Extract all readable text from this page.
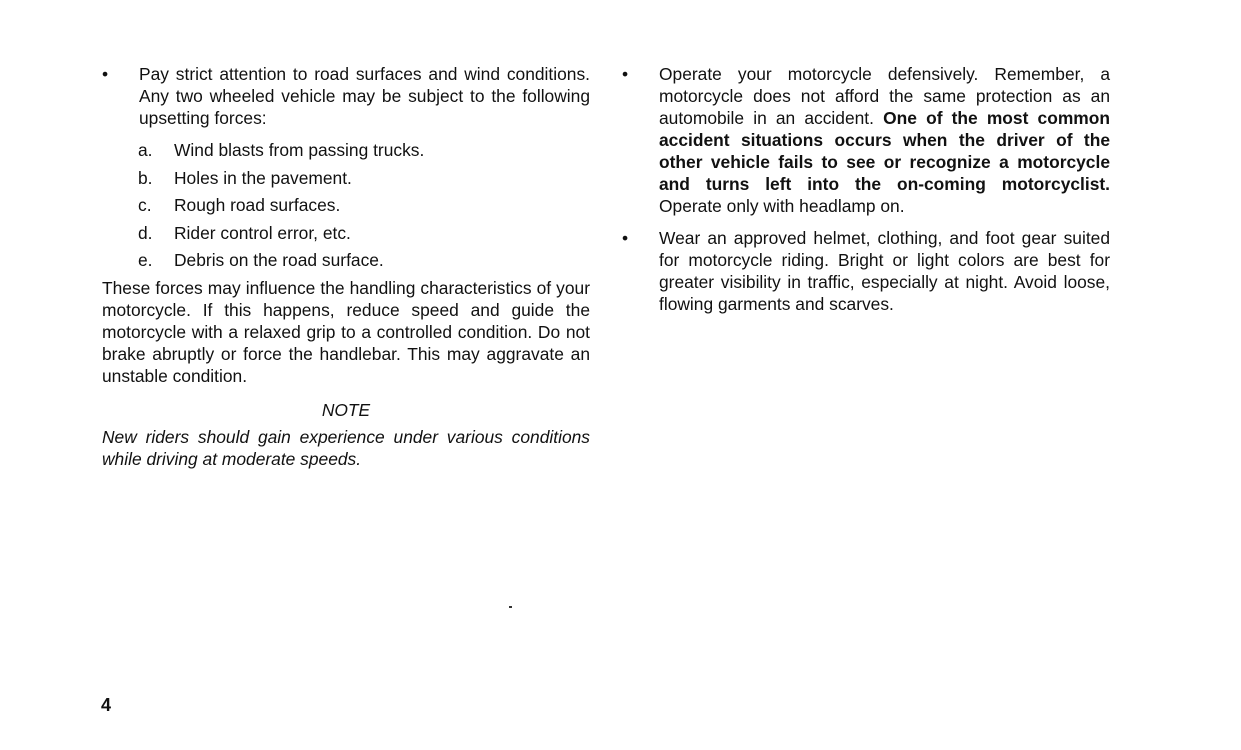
• Pay strict attention to road surfaces and wind conditions. Any two wheeled vehicle may be subject to the following upsetting forces:
a. Wind blasts from passing trucks.
b. Holes in the pavement.
c. Rough road surfaces.
d. Rider control error, etc.
e. Debris on the road surface.
These forces may influence the handling characteristics of your motorcycle. If this happens, reduce speed and guide the motorcycle with a relaxed grip to a controlled condition. Do not brake abruptly or force the handlebar. This may aggravate an unstable condition.
NOTE
New riders should gain experience under various conditions while driving at moderate speeds.
• Operate your motorcycle defensively. Remember, a motorcycle does not afford the same protection as an automobile in an accident. One of the most common accident situations occurs when the driver of the other vehicle fails to see or recognize a motorcycle and turns left into the on-coming motorcyclist. Operate only with headlamp on.
• Wear an approved helmet, clothing, and foot gear suited for motorcycle riding. Bright or light colors are best for greater visibility in traffic, especially at night. Avoid loose, flowing garments and scarves.
4
